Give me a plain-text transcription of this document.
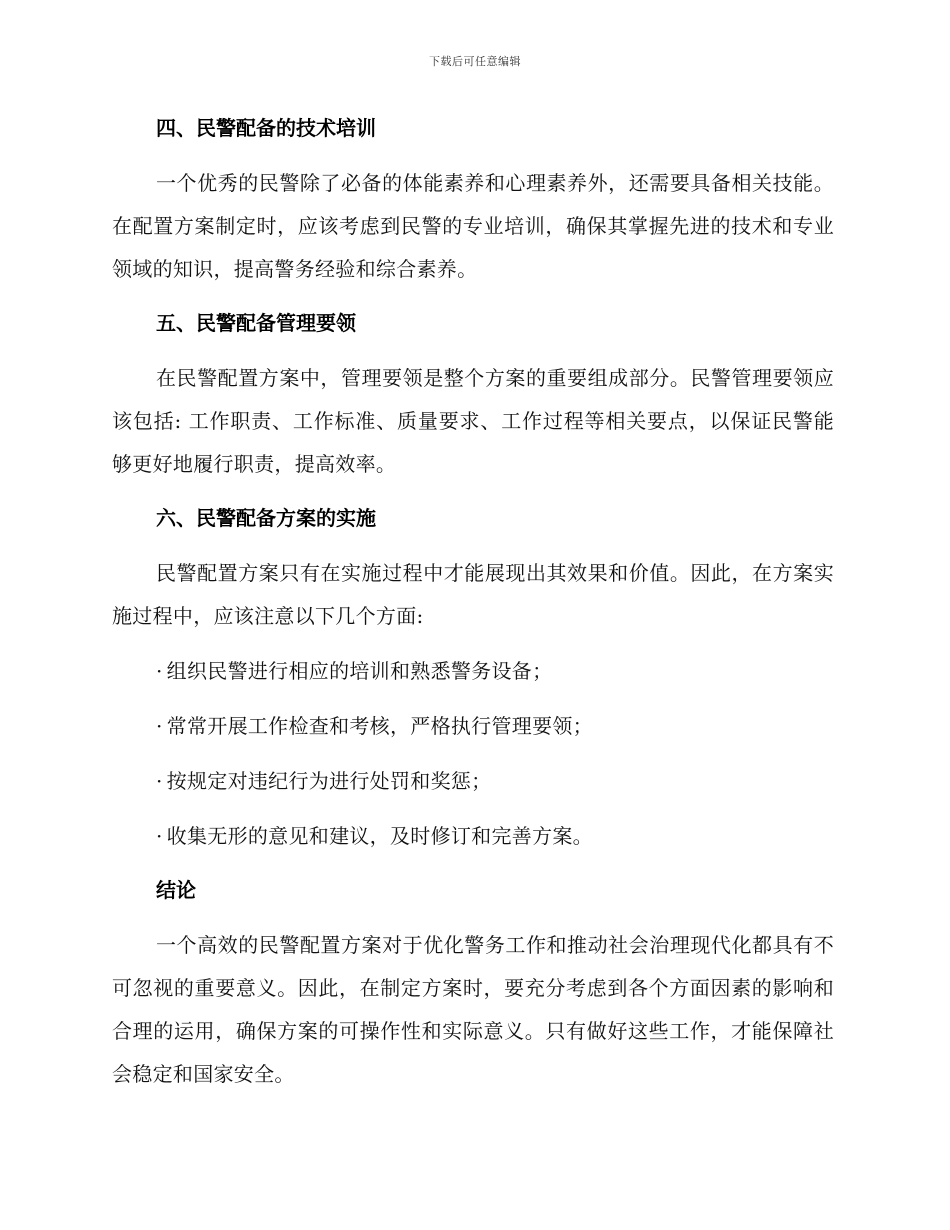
下载后可任意编辑
四、民警配备的技术培训

一个优秀的民警除了必备的体能素养和心理素养外，还需要具备相关技能。在配置方案制定时，应该考虑到民警的专业培训，确保其掌握先进的技术和专业领域的知识，提高警务经验和综合素养。

五、民警配备管理要领

在民警配置方案中，管理要领是整个方案的重要组成部分。民警管理要领应该包括: 工作职责、工作标准、质量要求、工作过程等相关要点，以保证民警能够更好地履行职责，提高效率。

六、民警配备方案的实施

民警配置方案只有在实施过程中才能展现出其效果和价值。因此，在方案实施过程中，应该注意以下几个方面:

· 组织民警进行相应的培训和熟悉警务设备；
· 常常开展工作检查和考核，严格执行管理要领；
· 按规定对违纪行为进行处罚和奖惩；
· 收集无形的意见和建议，及时修订和完善方案。
结论

一个高效的民警配置方案对于优化警务工作和推动社会治理现代化都具有不可忽视的重要意义。因此，在制定方案时，要充分考虑到各个方面因素的影响和合理的运用，确保方案的可操作性和实际意义。只有做好这些工作，才能保障社会稳定和国家安全。
